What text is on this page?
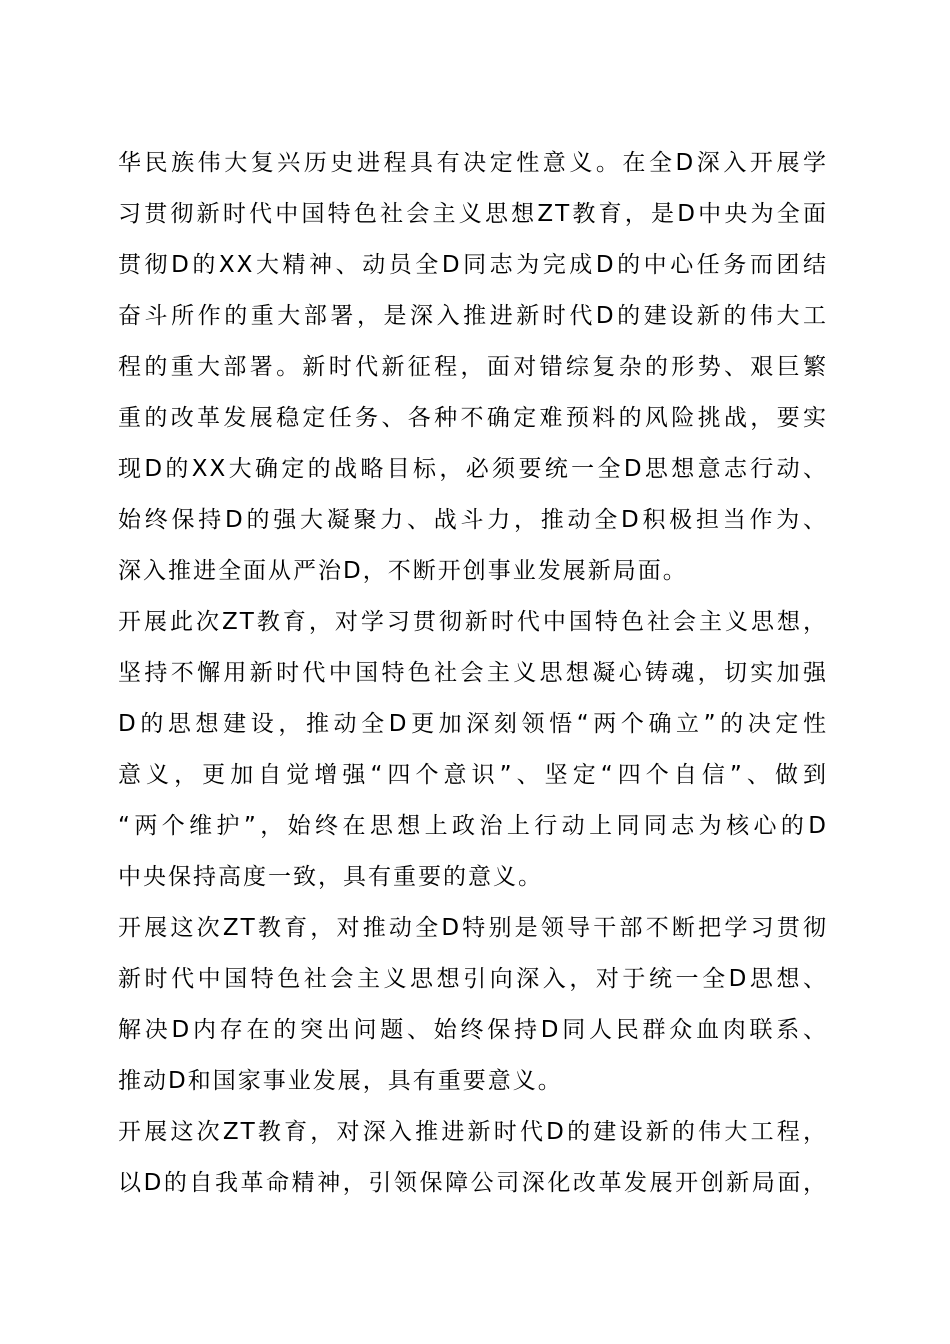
华民族伟大复兴历史进程具有决定性意义。在全D深入开展学
习贯彻新时代中国特色社会主义思想ZT教育，是D中央为全面
贯彻D的XX大精神、动员全D同志为完成D的中心任务而团结
奋斗所作的重大部署，是深入推进新时代D的建设新的伟大工
程的重大部署。新时代新征程，面对错综复杂的形势、艰巨繁
重的改革发展稳定任务、各种不确定难预料的风险挑战，要实
现D的XX大确定的战略目标，必须要统一全D思想意志行动、
始终保持D的强大凝聚力、战斗力，推动全D积极担当作为、
深入推进全面从严治D，不断开创事业发展新局面。
开展此次ZT教育，对学习贯彻新时代中国特色社会主义思想，
坚持不懈用新时代中国特色社会主义思想凝心铸魂，切实加强
D的思想建设，推动全D更加深刻领悟“两个确立”的决定性
意义，更加自觉增强“四个意识”、坚定“四个自信”、做到
“两个维护”，始终在思想上政治上行动上同同志为核心的D
中央保持高度一致，具有重要的意义。
开展这次ZT教育，对推动全D特别是领导干部不断把学习贯彻
新时代中国特色社会主义思想引向深入，对于统一全D思想、
解决D内存在的突出问题、始终保持D同人民群众血肉联系、
推动D和国家事业发展，具有重要意义。
开展这次ZT教育，对深入推进新时代D的建设新的伟大工程，
以D的自我革命精神，引领保障公司深化改革发展开创新局面，
